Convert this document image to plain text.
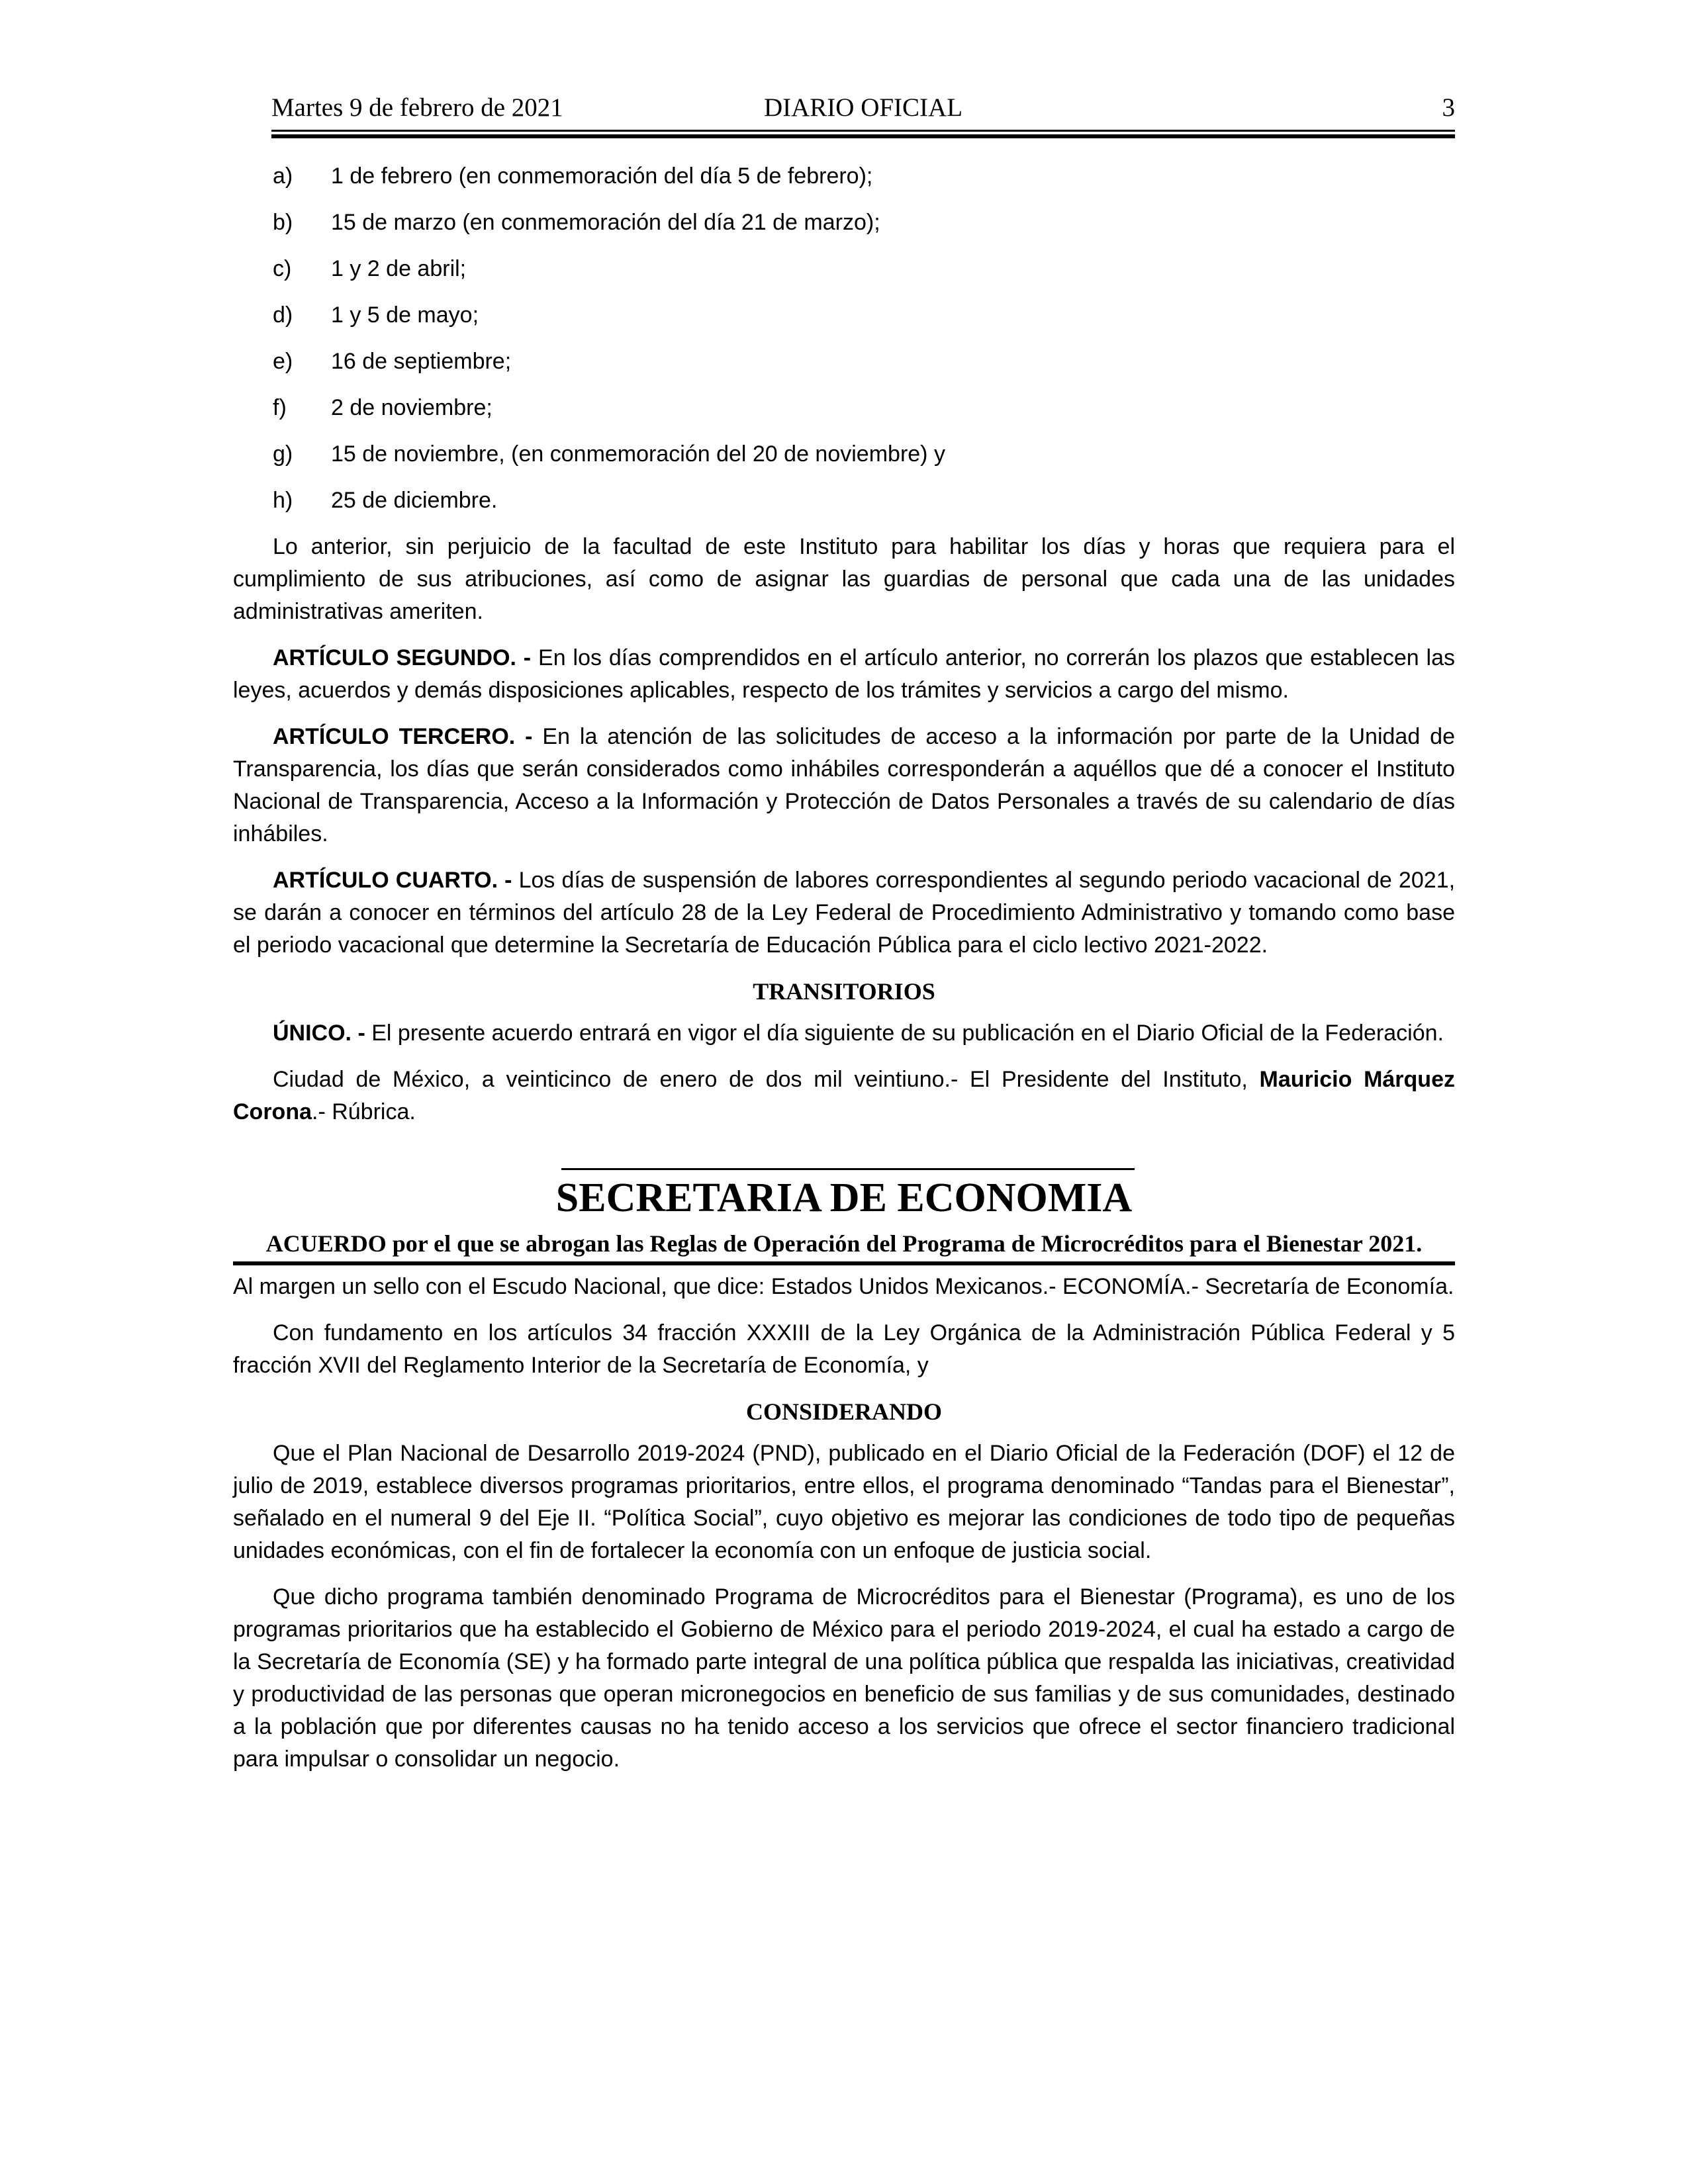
Martes 9 de febrero de 2021	DIARIO OFICIAL	3
a)	1 de febrero (en conmemoración del día 5 de febrero);
b)	15 de marzo (en conmemoración del día 21 de marzo);
c)	1 y 2 de abril;
d)	1 y 5 de mayo;
e)	16 de septiembre;
f)	2 de noviembre;
g)	15 de noviembre, (en conmemoración del 20 de noviembre) y
h)	25 de diciembre.

Lo anterior, sin perjuicio de la facultad de este Instituto para habilitar los días y horas que requiera para el cumplimiento de sus atribuciones, así como de asignar las guardias de personal que cada una de las unidades administrativas ameriten.

ARTÍCULO SEGUNDO. - En los días comprendidos en el artículo anterior, no correrán los plazos que establecen las leyes, acuerdos y demás disposiciones aplicables, respecto de los trámites y servicios a cargo del mismo.

ARTÍCULO TERCERO. - En la atención de las solicitudes de acceso a la información por parte de la Unidad de Transparencia, los días que serán considerados como inhábiles corresponderán a aquéllos que dé a conocer el Instituto Nacional de Transparencia, Acceso a la Información y Protección de Datos Personales a través de su calendario de días inhábiles.

ARTÍCULO CUARTO. - Los días de suspensión de labores correspondientes al segundo periodo vacacional de 2021, se darán a conocer en términos del artículo 28 de la Ley Federal de Procedimiento Administrativo y tomando como base el periodo vacacional que determine la Secretaría de Educación Pública para el ciclo lectivo 2021-2022.

TRANSITORIOS

ÚNICO. - El presente acuerdo entrará en vigor el día siguiente de su publicación en el Diario Oficial de la Federación.

Ciudad de México, a veinticinco de enero de dos mil veintiuno.- El Presidente del Instituto, Mauricio Márquez Corona.- Rúbrica.

SECRETARIA DE ECONOMIA
ACUERDO por el que se abrogan las Reglas de Operación del Programa de Microcréditos para el Bienestar 2021.

Al margen un sello con el Escudo Nacional, que dice: Estados Unidos Mexicanos.- ECONOMÍA.- Secretaría de Economía.

Con fundamento en los artículos 34 fracción XXXIII de la Ley Orgánica de la Administración Pública Federal y 5 fracción XVII del Reglamento Interior de la Secretaría de Economía, y

CONSIDERANDO

Que el Plan Nacional de Desarrollo 2019-2024 (PND), publicado en el Diario Oficial de la Federación (DOF) el 12 de julio de 2019, establece diversos programas prioritarios, entre ellos, el programa denominado “Tandas para el Bienestar”, señalado en el numeral 9 del Eje II. “Política Social”, cuyo objetivo es mejorar las condiciones de todo tipo de pequeñas unidades económicas, con el fin de fortalecer la economía con un enfoque de justicia social.

Que dicho programa también denominado Programa de Microcréditos para el Bienestar (Programa), es uno de los programas prioritarios que ha establecido el Gobierno de México para el periodo 2019-2024, el cual ha estado a cargo de la Secretaría de Economía (SE) y ha formado parte integral de una política pública que respalda las iniciativas, creatividad y productividad de las personas que operan micronegocios en beneficio de sus familias y de sus comunidades, destinado a la población que por diferentes causas no ha tenido acceso a los servicios que ofrece el sector financiero tradicional para impulsar o consolidar un negocio.
